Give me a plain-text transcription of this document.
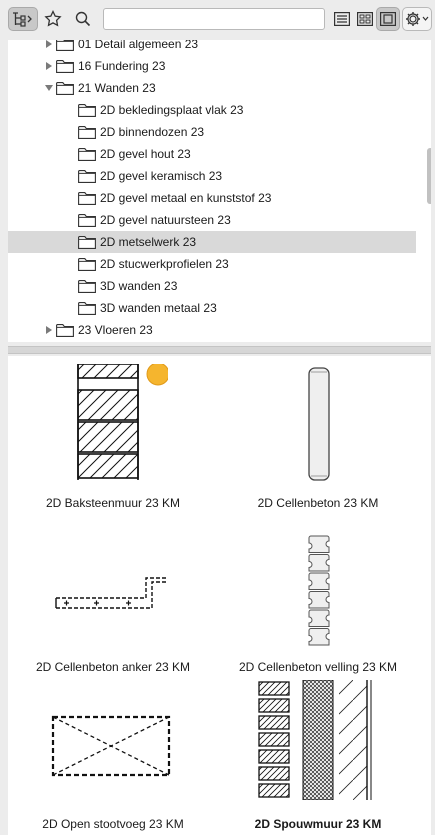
01 Detail algemeen 23
16 Fundering 23
21 Wanden 23
2D bekledingsplaat vlak 23
2D binnendozen 23
2D gevel hout 23
2D gevel keramisch 23
2D gevel metaal en kunststof 23
2D gevel natuursteen 23
2D metselwerk 23
2D stucwerkprofielen 23
3D wanden 23
3D wanden metaal 23
23 Vloeren 23
2D Baksteenmuur 23 KM	2D Cellenbeton 23 KM
2D Cellenbeton anker 23 KM	2D Cellenbeton velling 23 KM
2D Open stootvoeg 23 KM	2D Spouwmuur 23 KM
